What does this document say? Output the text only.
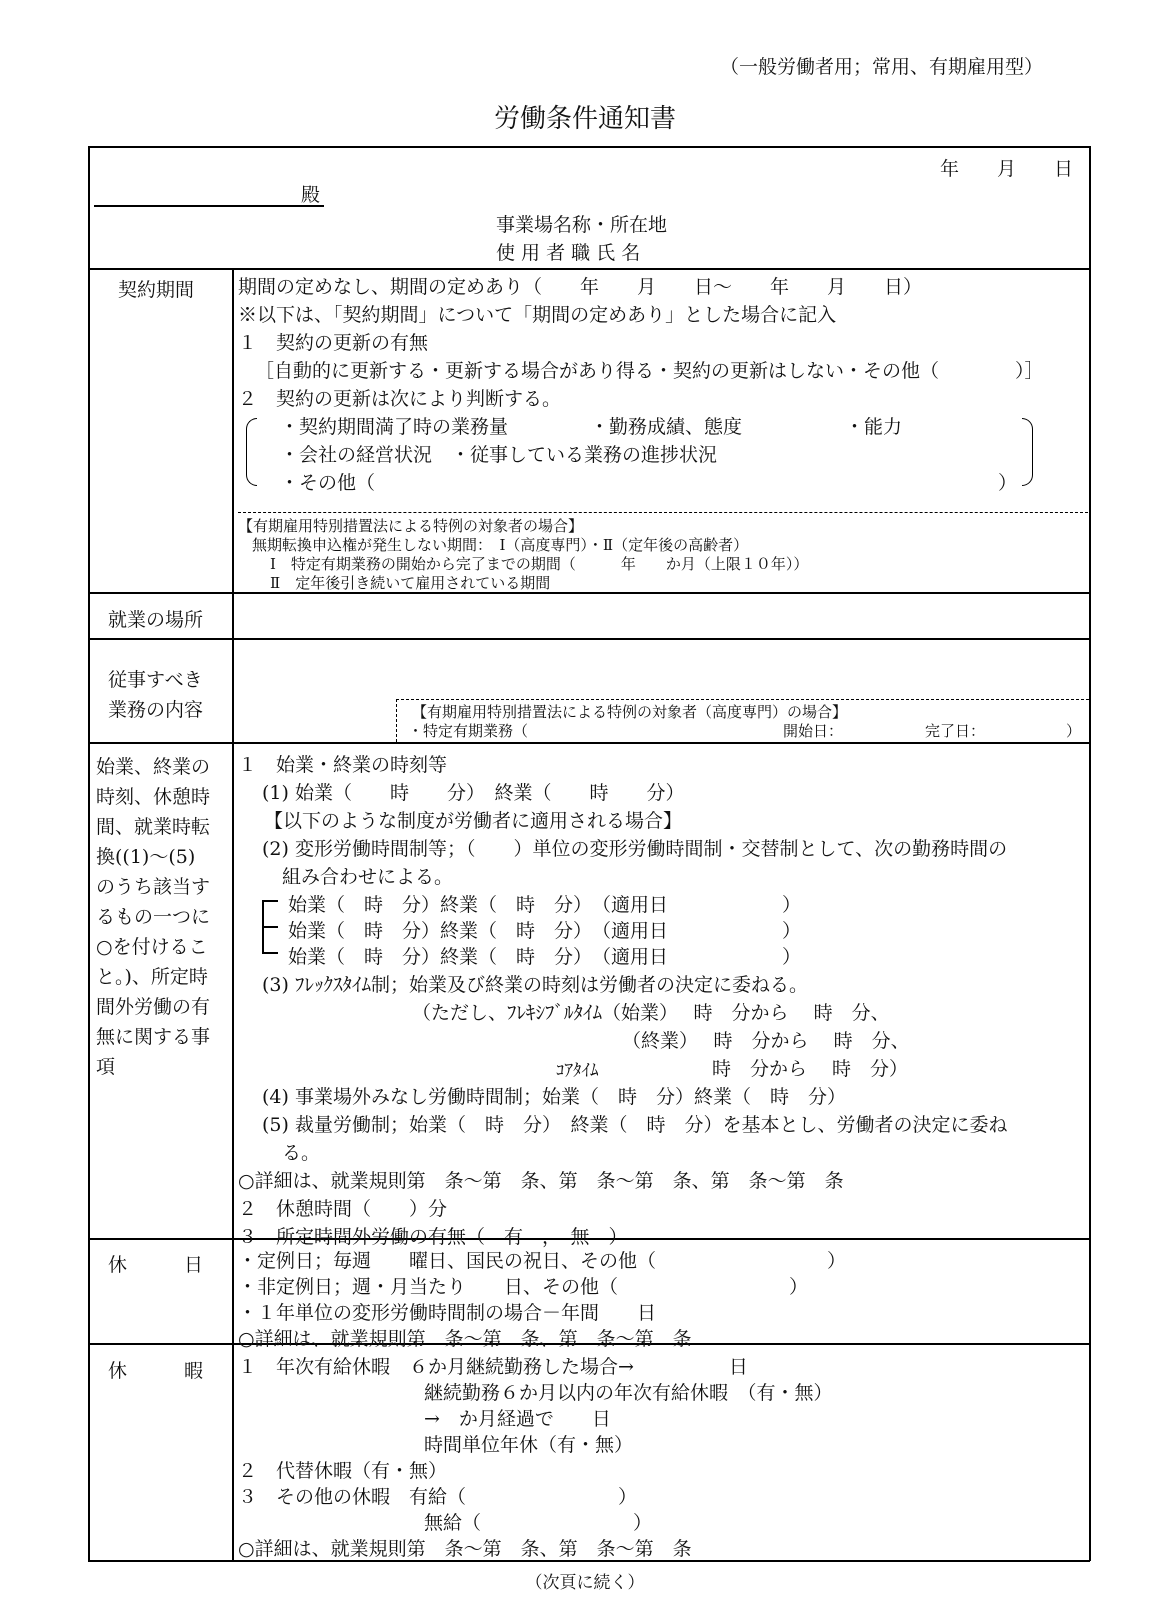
（一般労働者用；常用、有期雇用型）
労働条件通知書
年　　月　　日
殿
事業場名称・所在地
使 用 者 職 氏 名
契約期間 期間の定めなし、期間の定めあり（　　年　　月　　日～　　年　　月　　日）
※以下は、「契約期間」について「期間の定めあり」とした場合に記入
１　契約の更新の有無
［自動的に更新する・更新する場合があり得る・契約の更新はしない・その他（　　　　）］
２　契約の更新は次により判断する。
・契約期間満了時の業務量	・勤務成績、態度	・能力
・会社の経営状況　・従事している業務の進捗状況
・その他（	）
【有期雇用特別措置法による特例の対象者の場合】
無期転換申込権が発生しない期間：　Ⅰ（高度専門）・Ⅱ（定年後の高齢者）
Ⅰ　特定有期業務の開始から完了までの期間（　　　年　　か月（上限１０年））
Ⅱ　定年後引き続いて雇用されている期間
就業の場所
従事すべき
業務の内容	【有期雇用特別措置法による特例の対象者（高度専門）の場合】
・特定有期業務（	開始日：	完了日：	）
始業、終業の
時刻、休憩時
間、就業時転
換((1)～(5)
のうち該当す
るもの一つに
○を付けるこ
と。)、所定時
間外労働の有
無に関する事
項
１　始業・終業の時刻等
(1) 始業（　　時　　分）　終業（　　時　　分）
【以下のような制度が労働者に適用される場合】
(2) 変形労働時間制等；（　　）単位の変形労働時間制・交替制として、次の勤務時間の
組み合わせによる。
始業（　時　分）終業（　時　分）　（適用日　　　　　　）
始業（　時　分）終業（　時　分）　（適用日　　　　　　）
始業（　時　分）終業（　時　分）　（適用日　　　　　　）
(3) ﾌﾚｯｸｽﾀｲﾑ制；始業及び終業の時刻は労働者の決定に委ねる。
（ただし、ﾌﾚｷｼﾌﾞﾙﾀｲﾑ（始業）　 時　分から　 時　分、
（終業）　 時　分から　 時　分、
ｺｱﾀｲﾑ	時　分から　 時　分）
(4) 事業場外みなし労働時間制；始業（　時　分）終業（　時　分）
(5) 裁量労働制；始業（　時　分）　終業（　時　分）を基本とし、労働者の決定に委ね
る。
○詳細は、就業規則第　条～第　条、第　条～第　条、第　条～第　条
２　休憩時間（　　）分
３　所定時間外労働の有無（　有　，　無　）
休　　　日 ・定例日；毎週　　曜日、国民の祝日、その他（　　　　　　　　　）
・非定例日；週・月当たり　　日、その他（　　　　　　　　　）
・１年単位の変形労働時間制の場合－年間　　日
○詳細は、就業規則第　条～第　条、第　条～第　条
休　　　暇 １　年次有給休暇　６か月継続勤務した場合→　　　　　日
継続勤務６か月以内の年次有給休暇　（有・無）
→　か月経過で　　日
時間単位年休（有・無）
２　代替休暇（有・無）
３　その他の休暇　有給（　　　　　　　　）
無給（　　　　　　　　）
○詳細は、就業規則第　条～第　条、第　条～第　条
（次頁に続く）
